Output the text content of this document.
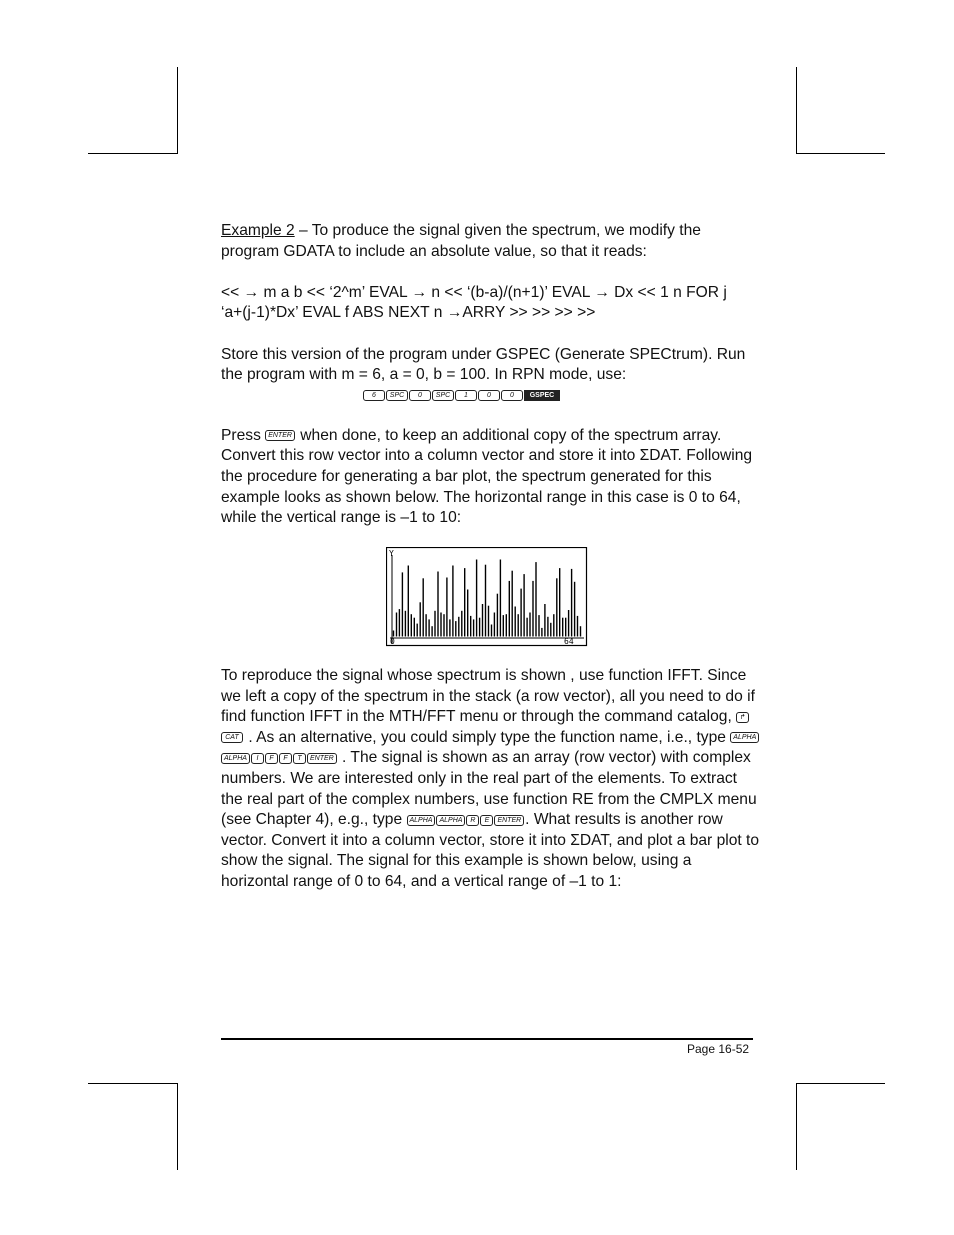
Example 2 – To produce the signal given the spectrum, we modify the program GDATA to include an absolute value, so that it reads:

<< → m a b << ‘2^m’ EVAL → n << ‘(b-a)/(n+1)’ EVAL → Dx << 1 n FOR j

‘a+(j-1)*Dx’ EVAL f ABS NEXT n →ARRY >> >> >> >>

Store this version of the program under GSPEC (Generate SPECtrum). Run the program with m = 6, a = 0, b = 100. In RPN mode, use:

6 SPC 0 SPC 1	0	0 GSPEC

Press ENTER when done, to keep an additional copy of the spectrum array. Convert this row vector into a column vector and store it into ΣDAT. Following the procedure for generating a bar plot, the spectrum generated for this example looks as shown below. The horizontal range in this case is 0 to 64, while the vertical range is –1 to 10:

Y
0	64

To reproduce the signal whose spectrum is shown , use function IFFT. Since we left a copy of the spectrum in the stack (a row vector), all you need to do if find function IFFT in the MTH/FFT menu or through the command catalog, ↱CAT . As an alternative, you could simply type the function name, i.e., type ALPHAALPHA I F F T ENTER . The signal is shown as an array (row vector) with complex numbers. We are interested only in the real part of the elements. To extract the real part of the complex numbers, use function RE from the CMPLX menu (see Chapter 4), e.g., type ALPHA ALPHA R E ENTER . What results is another row vector. Convert it into a column vector, store it into ΣDAT, and plot a bar plot to show the signal. The signal for this example is shown below, using a horizontal range of 0 to 64, and a vertical range of –1 to 1:

Page 16-52
